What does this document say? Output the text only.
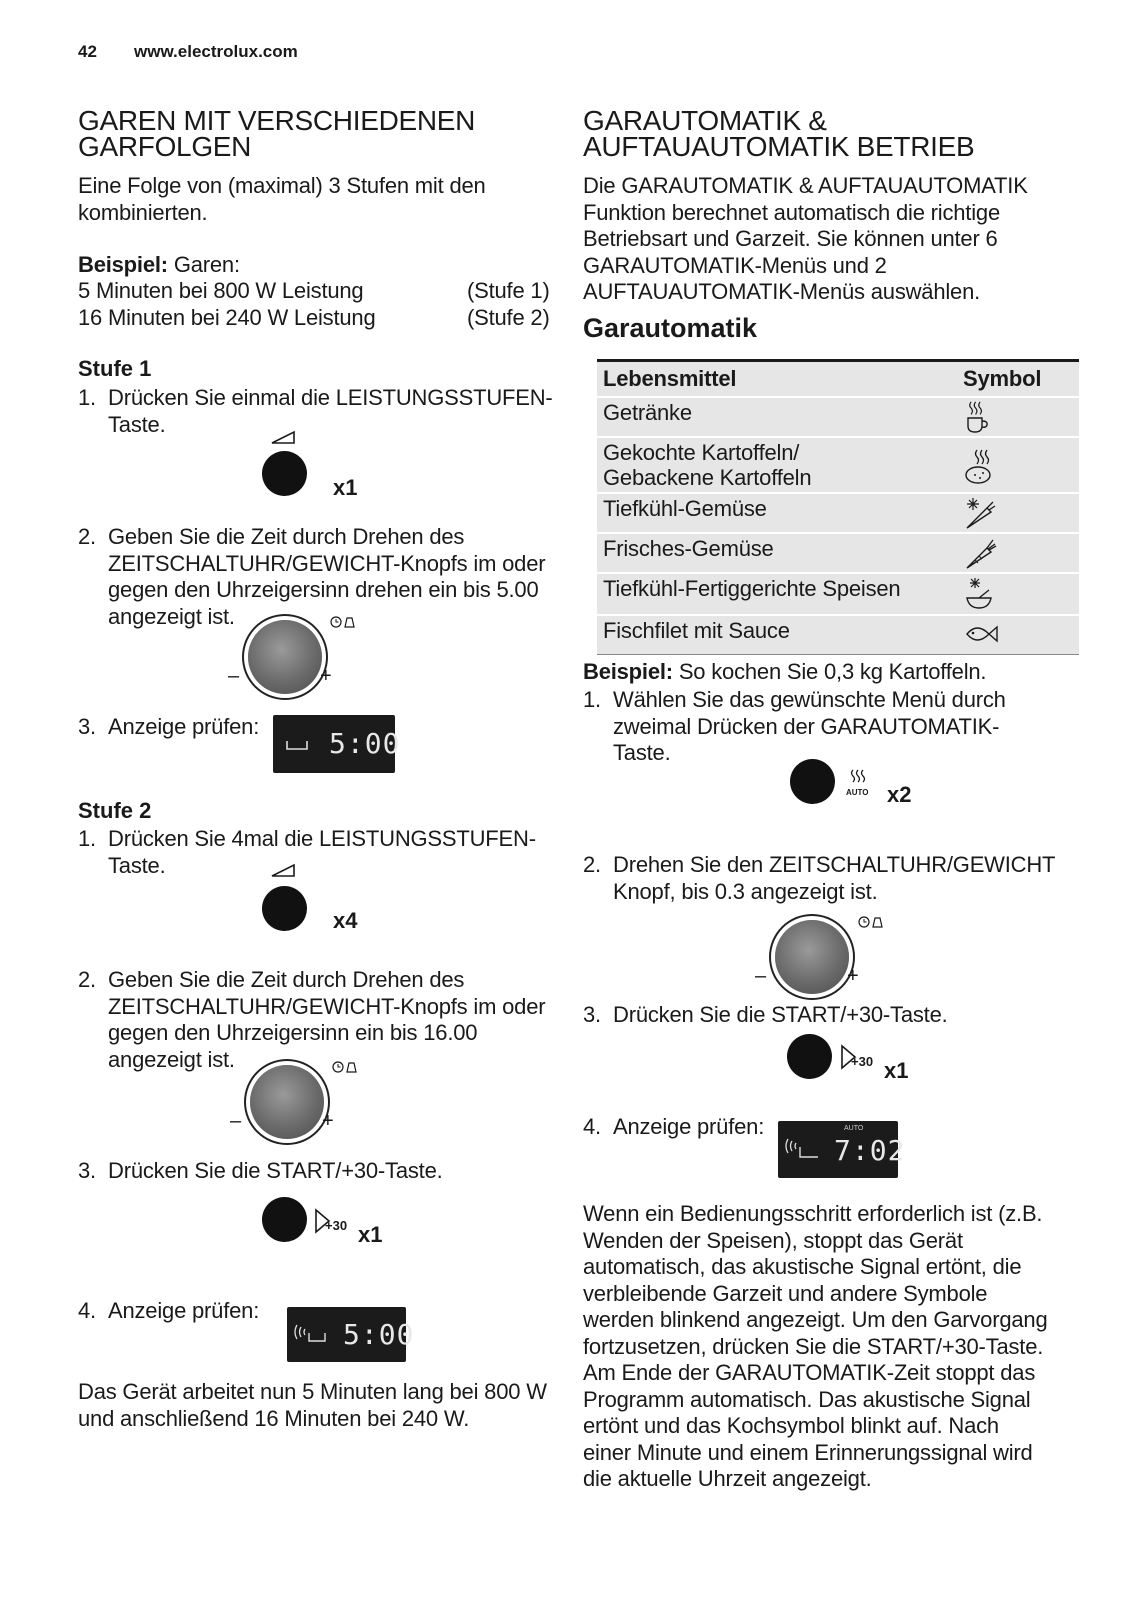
42 www.electrolux.com
GAREN MIT VERSCHIEDENEN
GARFOLGEN
Eine Folge von (maximal) 3 Stufen mit den
kombinierten.
Beispiel: Garen:
5 Minuten bei 800 W Leistung	(Stufe 1)
16 Minuten bei 240 W Leistung	(Stufe 2)
Stufe 1
1. Drücken Sie einmal die LEISTUNGSSTUFEN-
Taste.
x1
2. Geben Sie die Zeit durch Drehen des
ZEITSCHALTUHR/GEWICHT-Knopfs im oder
gegen den Uhrzeigersinn drehen ein bis 5.00
angezeigt ist.
–	+
3. Anzeige prüfen:
5:00
Stufe 2
1. Drücken Sie 4mal die LEISTUNGSSTUFEN-
Taste.
x4
2. Geben Sie die Zeit durch Drehen des
ZEITSCHALTUHR/GEWICHT-Knopfs im oder
gegen den Uhrzeigersinn ein bis 16.00
angezeigt ist.
–	+
3. Drücken Sie die START/+30-Taste.
+30 x1
4. Anzeige prüfen:
5:00
Das Gerät arbeitet nun 5 Minuten lang bei 800 W
und anschließend 16 Minuten bei 240 W.
GARAUTOMATIK &
AUFTAUAUTOMATIK BETRIEB
Die GARAUTOMATIK & AUFTAUAUTOMATIK
Funktion berechnet automatisch die richtige
Betriebsart und Garzeit. Sie können unter 6
GARAUTOMATIK-Menüs und 2
AUFTAUAUTOMATIK-Menüs auswählen.
Garautomatik
Lebensmittel	Symbol
Getränke	

Gekochte Kartoffeln/
Gebackene Kartoffeln	

Tiefkühl-Gemüse	

Frisches-Gemüse	

Tiefkühl-Fertiggerichte Speisen	

Fischfilet mit Sauce	
Beispiel: So kochen Sie 0,3 kg Kartoffeln.
1. Wählen Sie das gewünschte Menü durch
zweimal Drücken der GARAUTOMATIK-
Taste.
AUTO x2
2. Drehen Sie den ZEITSCHALTUHR/GEWICHT
Knopf, bis 0.3 angezeigt ist.
–	+
3. Drücken Sie die START/+30-Taste.
+30 x1
4. Anzeige prüfen:	AUTO
7:02
Wenn ein Bedienungsschritt erforderlich ist (z.B.
Wenden der Speisen), stoppt das Gerät
automatisch, das akustische Signal ertönt, die
verbleibende Garzeit und andere Symbole
werden blinkend angezeigt. Um den Garvorgang
fortzusetzen, drücken Sie die START/+30-Taste.
Am Ende der GARAUTOMATIK-Zeit stoppt das
Programm automatisch. Das akustische Signal
ertönt und das Kochsymbol blinkt auf. Nach
einer Minute und einem Erinnerungssignal wird
die aktuelle Uhrzeit angezeigt.
